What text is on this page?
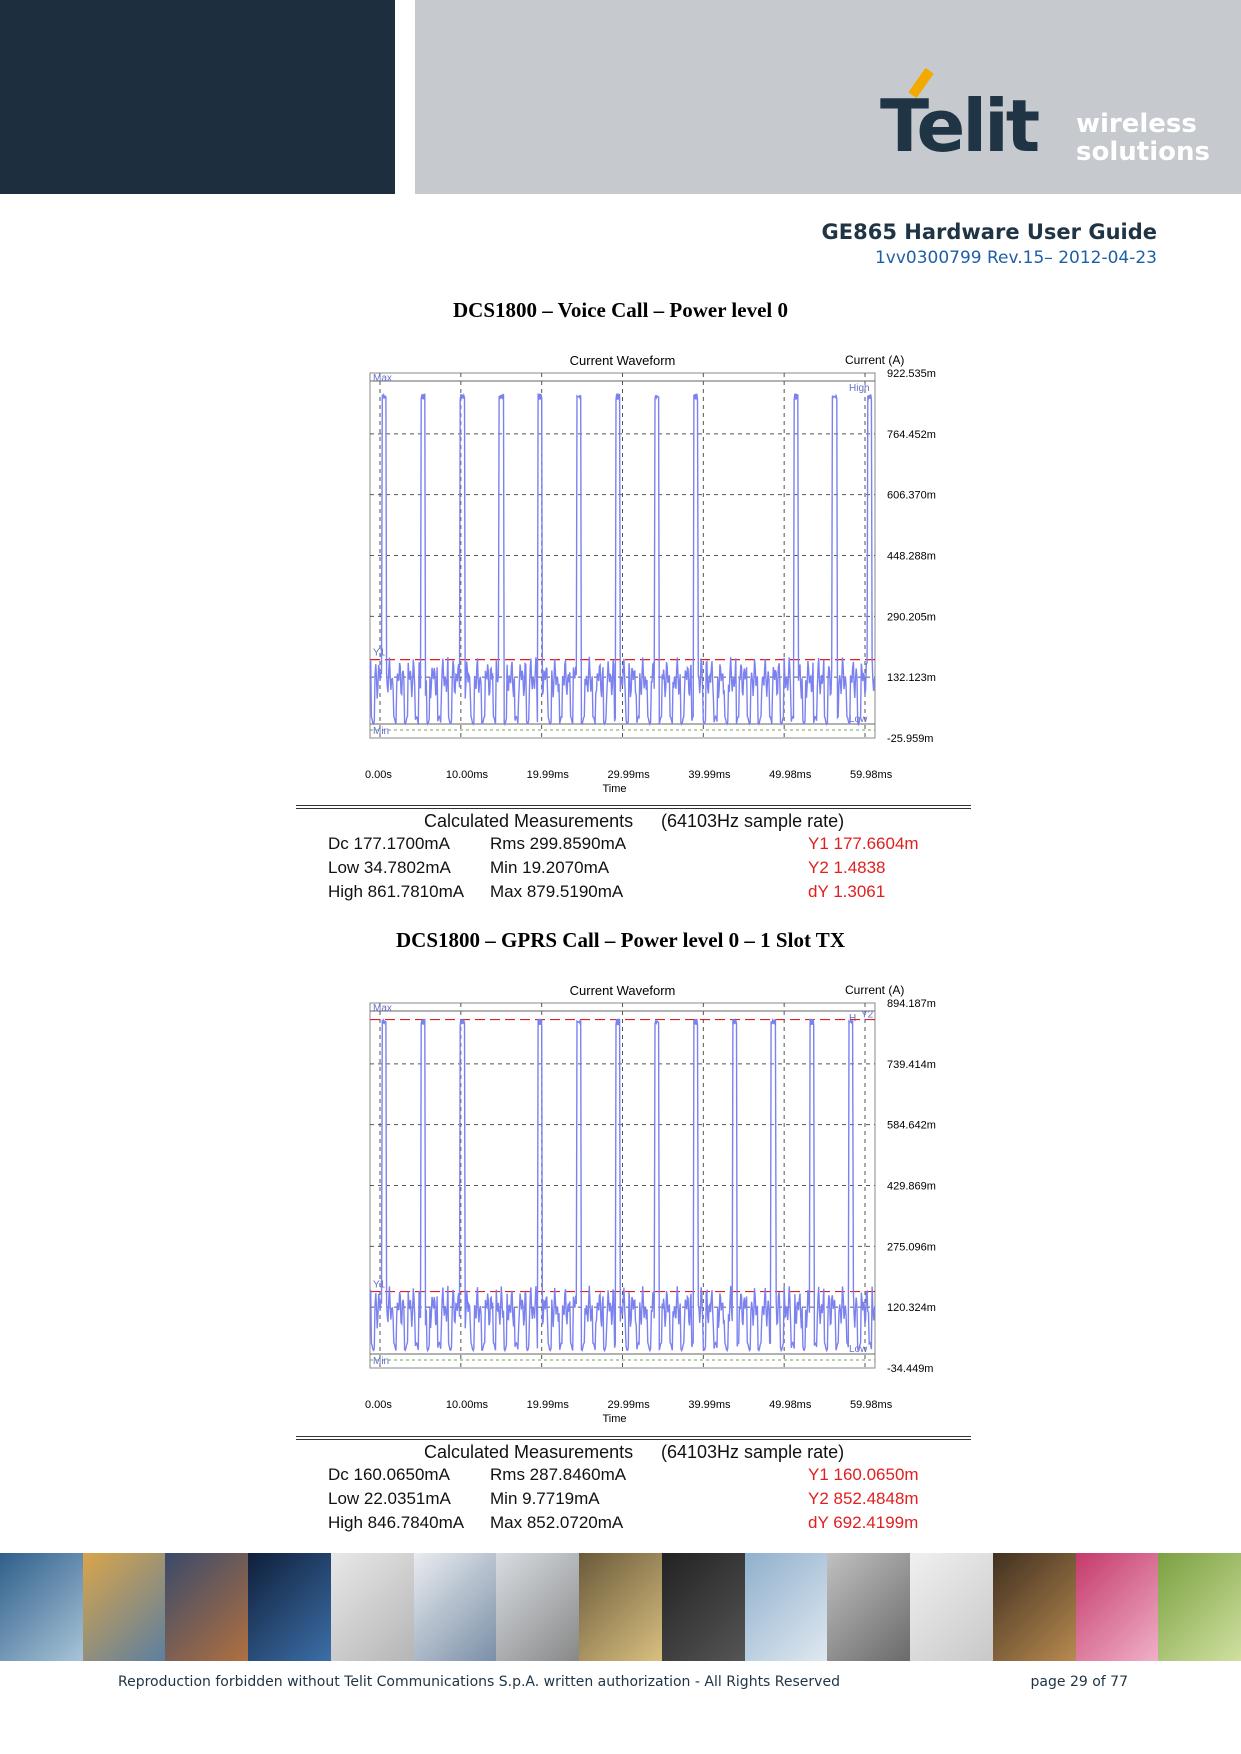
Telit wireless
solutions
GE865 Hardware User Guide
1vv0300799 Rev.15– 2012-04-23
DCS1800 – Voice Call – Power level 0
Current Waveform	Current (A)
922.535m
764.452m
606.370m
448.288m
290.205m
132.123m
-25.959m
0.00s	10.00ms	19.99ms	29.99ms	39.99ms	49.98ms	59.98ms
Time
Max
Min
High
Low
Y1
Calculated Measurements (64103Hz sample rate)
Dc 177.1700mA Rms 299.8590mA	Y1 177.6604m
Low 34.7802mA Min 19.2070mA	Y2 1.4838
High 861.7810mA Max 879.5190mA	dY 1.3061
DCS1800 – GPRS Call – Power level 0 – 1 Slot TX
Current Waveform	Current (A)
894.187m
739.414m
584.642m
429.869m
275.096m
120.324m
-34.449m
0.00s	10.00ms	19.99ms	29.99ms	39.99ms	49.98ms	59.98ms
Time
Max
Min
H
Low
Y1
Y2
Calculated Measurements (64103Hz sample rate)
Dc 160.0650mA Rms 287.8460mA	Y1 160.0650m
Low 22.0351mA Min 9.7719mA	Y2 852.4848m
High 846.7840mA Max 852.0720mA	dY 692.4199m
Reproduction forbidden without Telit Communications S.p.A. written authorization - All Rights Reserved	page 29 of 77
